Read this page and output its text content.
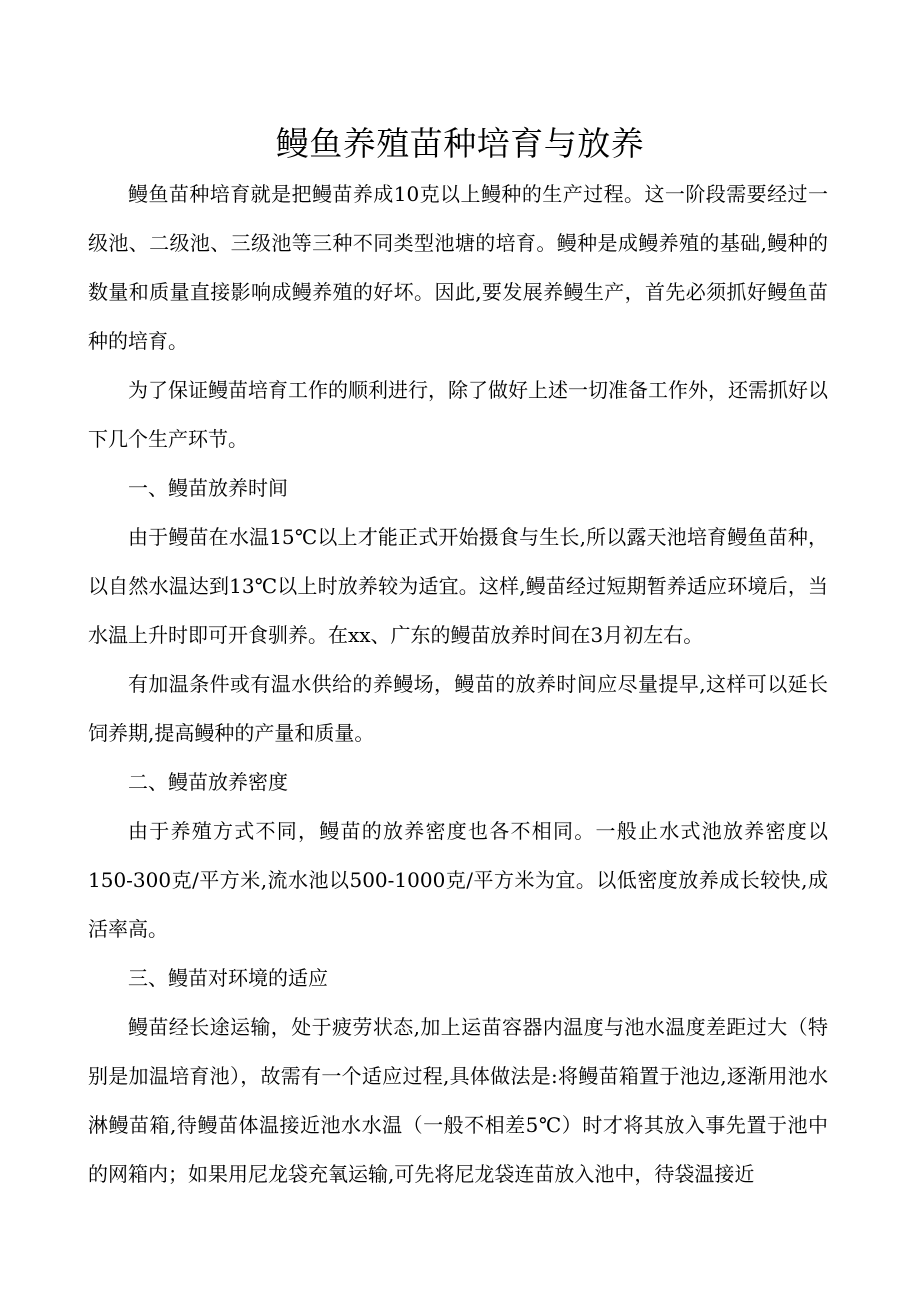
鳗鱼养殖苗种培育与放养

鳗鱼苗种培育就是把鳗苗养成10克以上鳗种的生产过程。这一阶段需要经过一级池、二级池、三级池等三种不同类型池塘的培育。鳗种是成鳗养殖的基础,鳗种的数量和质量直接影响成鳗养殖的好坏。因此,要发展养鳗生产，首先必须抓好鳗鱼苗种的培育。

为了保证鳗苗培育工作的顺利进行，除了做好上述一切准备工作外，还需抓好以下几个生产环节。

一、鳗苗放养时间

由于鳗苗在水温15℃以上才能正式开始摄食与生长,所以露天池培育鳗鱼苗种，以自然水温达到13℃以上时放养较为适宜。这样,鳗苗经过短期暂养适应环境后，当水温上升时即可开食驯养。在xx、广东的鳗苗放养时间在3月初左右。

有加温条件或有温水供给的养鳗场，鳗苗的放养时间应尽量提早,这样可以延长饲养期,提高鳗种的产量和质量。

二、鳗苗放养密度

由于养殖方式不同，鳗苗的放养密度也各不相同。一般止水式池放养密度以150-300克/平方米,流水池以500-1000克/平方米为宜。以低密度放养成长较快,成活率高。

三、鳗苗对环境的适应

鳗苗经长途运输，处于疲劳状态,加上运苗容器内温度与池水温度差距过大（特别是加温培育池），故需有一个适应过程,具体做法是:将鳗苗箱置于池边,逐渐用池水淋鳗苗箱,待鳗苗体温接近池水水温（一般不相差5℃）时才将其放入事先置于池中的网箱内；如果用尼龙袋充氧运输,可先将尼龙袋连苗放入池中，待袋温接近
